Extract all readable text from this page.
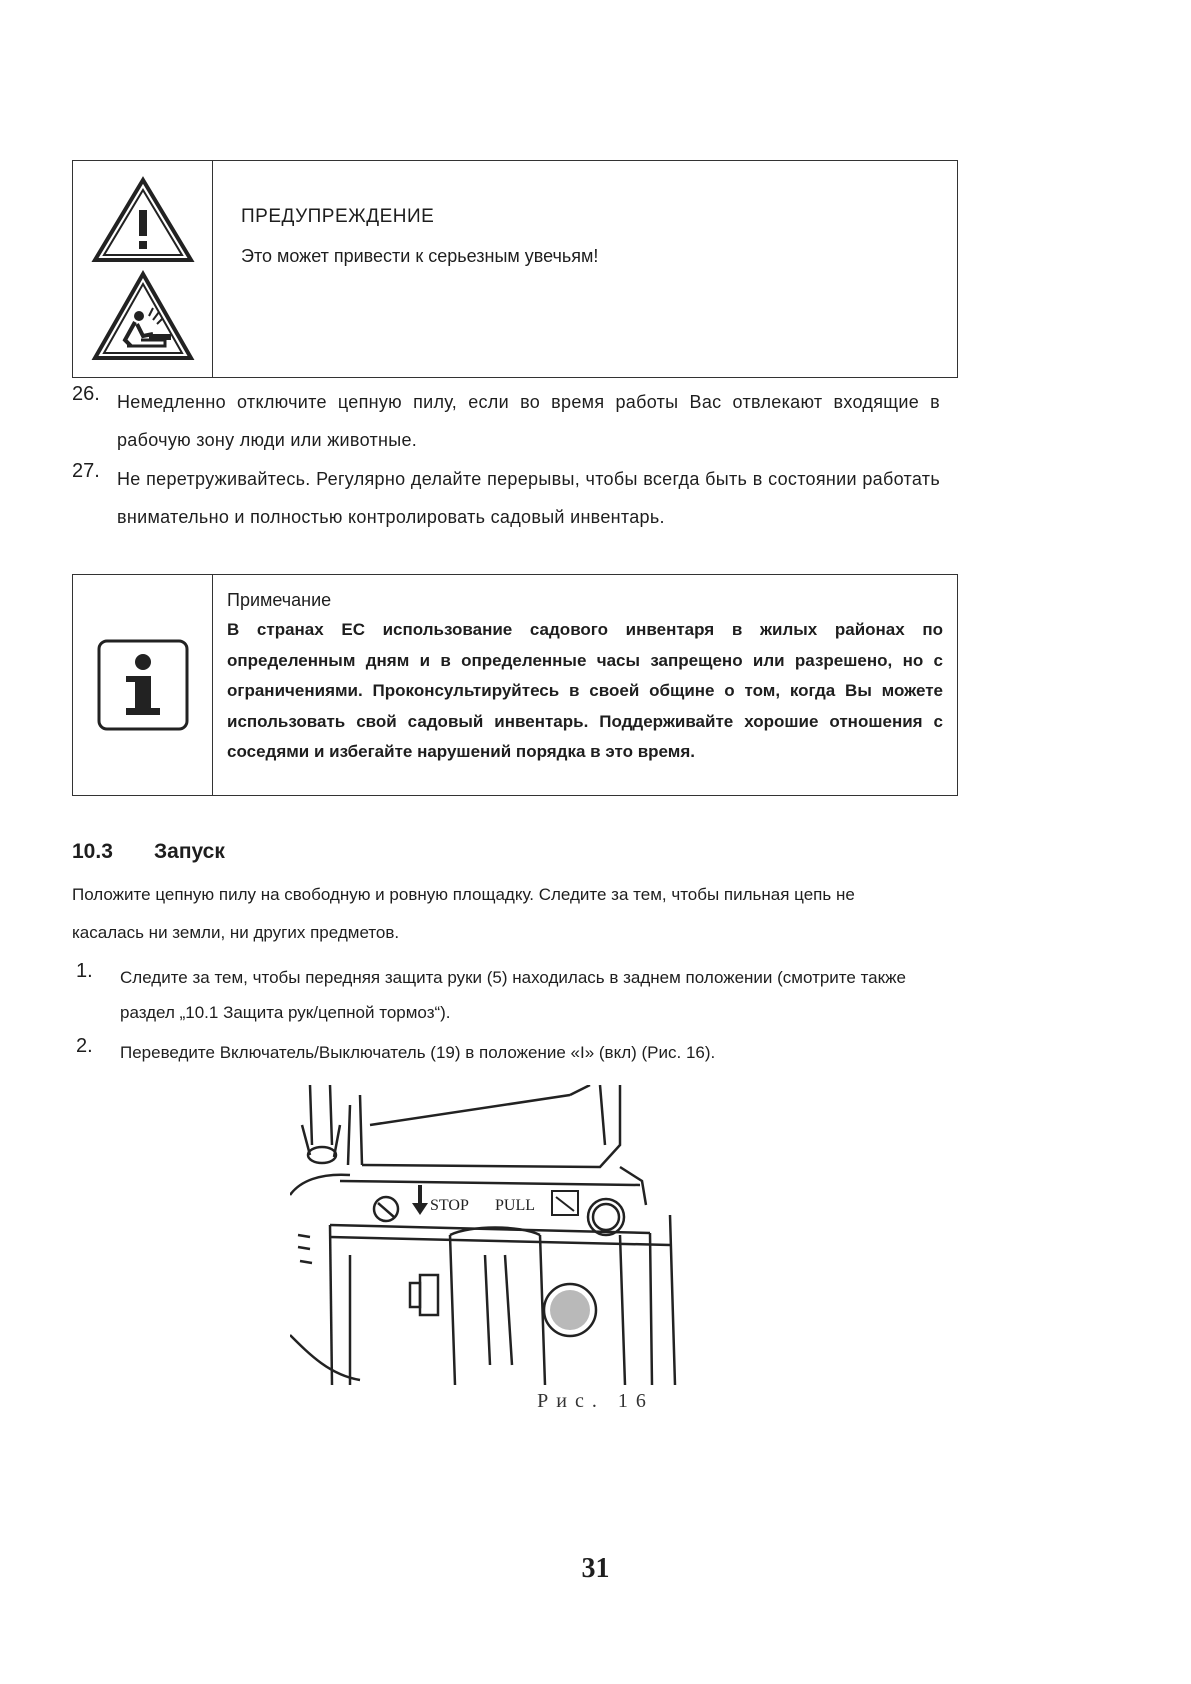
ПРЕДУПРЕЖДЕНИЕ
Это может привести к серьезным увечьям!
26. Немедленно отключите цепную пилу, если во время работы Вас отвлекают входящие в рабочую зону люди или животные.
27. Не перетруживайтесь. Регулярно делайте перерывы, чтобы всегда быть в состоянии работать внимательно и полностью контролировать садовый инвентарь.
Примечание
В странах ЕС использование садового инвентаря в жилых районах по определенным дням и в определенные часы запрещено или разрешено, но с ограничениями. Проконсультируйтесь в своей общине о том, когда Вы можете использовать свой садовый инвентарь. Поддерживайте хорошие отношения с соседями и избегайте нарушений порядка в это время.
10.3 Запуск
Положите цепную пилу на свободную и ровную площадку. Следите за тем, чтобы пильная цепь не касалась ни земли, ни других предметов.
1. Следите за тем, чтобы передняя защита руки (5) находилась в заднем положении (смотрите также раздел „10.1 Защита рук/цепной тормоз“).
2. Переведите Включатель/Выключатель (19) в положение «I» (вкл) (Рис. 16).
STOP PULL
Рис. 16
31
